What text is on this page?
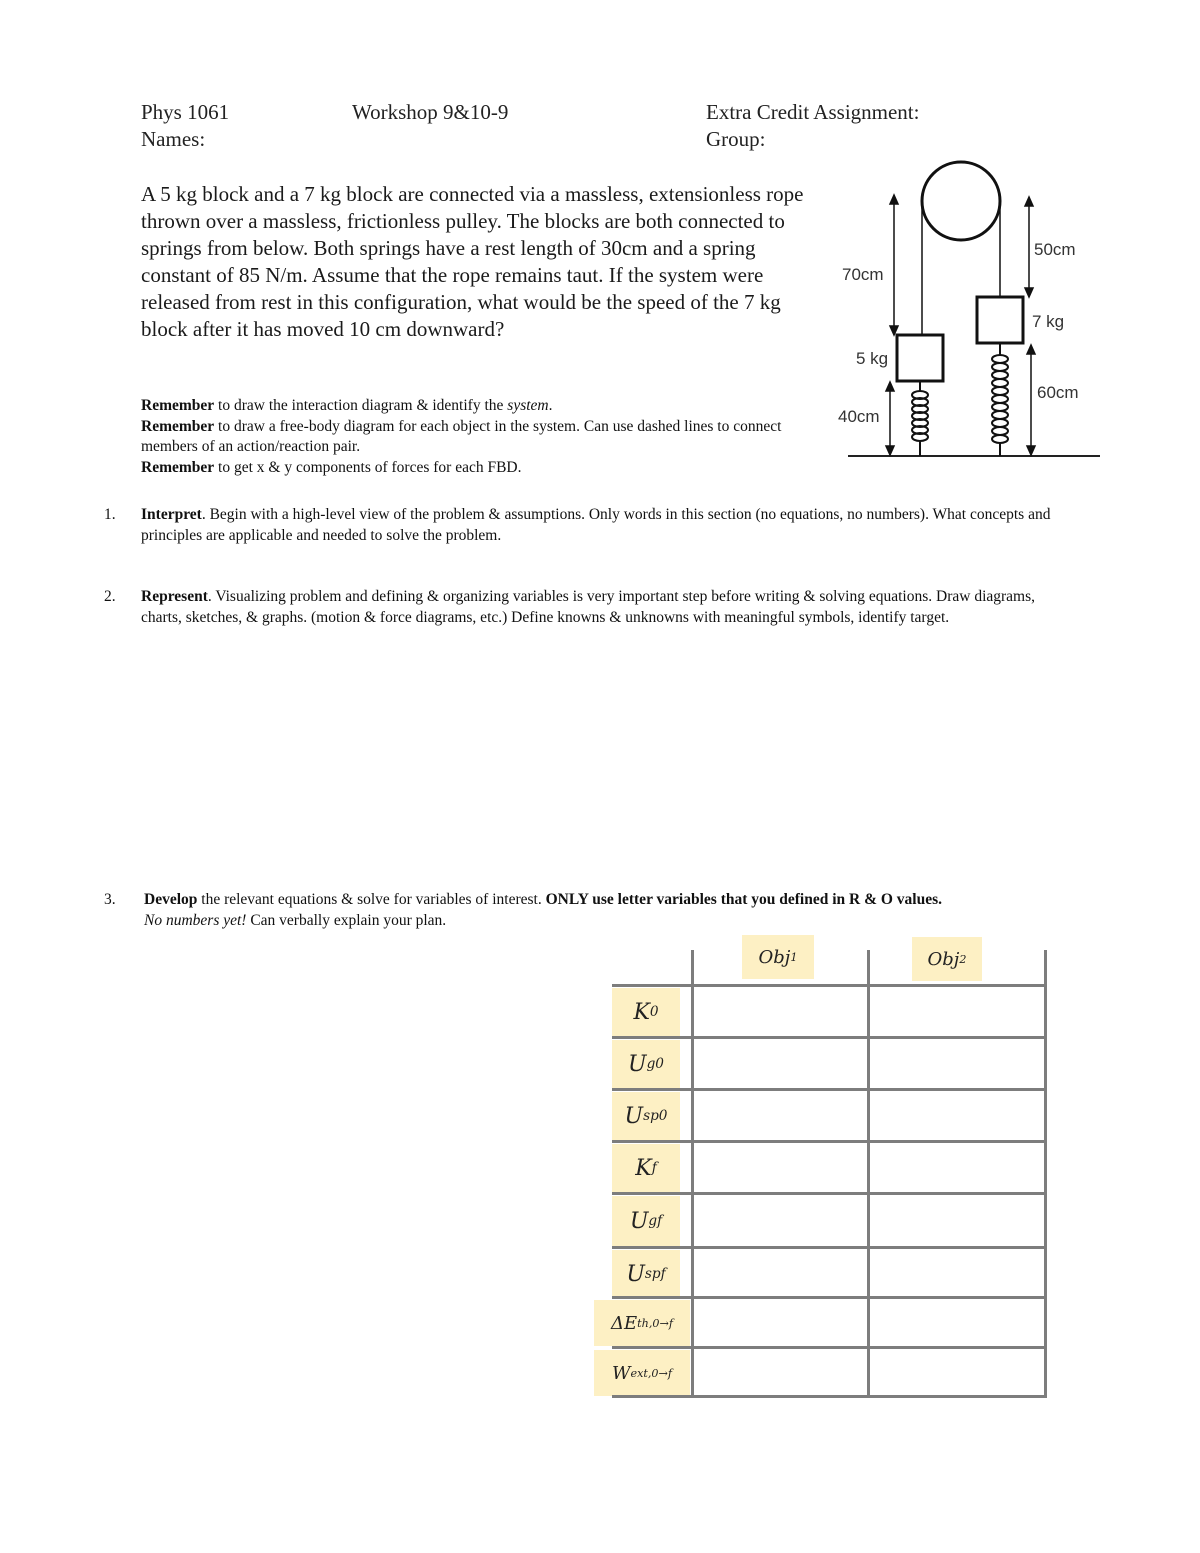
Phys 1061	Workshop 9&10-9	Extra Credit Assignment:
Names:	Group:
A 5 kg block and a 7 kg block are connected via a massless, extensionless rope thrown over a massless, frictionless pulley. The blocks are both connected to springs from below. Both springs have a rest length of 30cm and a spring constant of 85 N/m. Assume that the rope remains taut. If the system were released from rest in this configuration, what would be the speed of the 7 kg block after it has moved 10 cm downward?
70cm
50cm
7 kg
5 kg
60cm
40cm
Remember to draw the interaction diagram & identify the system.
Remember to draw a free-body diagram for each object in the system. Can use dashed lines to connect members of an action/reaction pair.
Remember to get x & y components of forces for each FBD.
1. Interpret. Begin with a high-level view of the problem & assumptions. Only words in this section (no equations, no numbers). What concepts and principles are applicable and needed to solve the problem.
2. Represent. Visualizing problem and defining & organizing variables is very important step before writing & solving equations. Draw diagrams, charts, sketches, & graphs. (motion & force diagrams, etc.) Define knowns & unknowns with meaningful symbols, identify target.
3. Develop the relevant equations & solve for variables of interest. ONLY use letter variables that you defined in R & O values.
No numbers yet! Can verbally explain your plan.
Obj 1	Obj 2
K 0
U g0
U sp0
K f
U gf
U spf
ΔE th,0→f
W ext,0→f
